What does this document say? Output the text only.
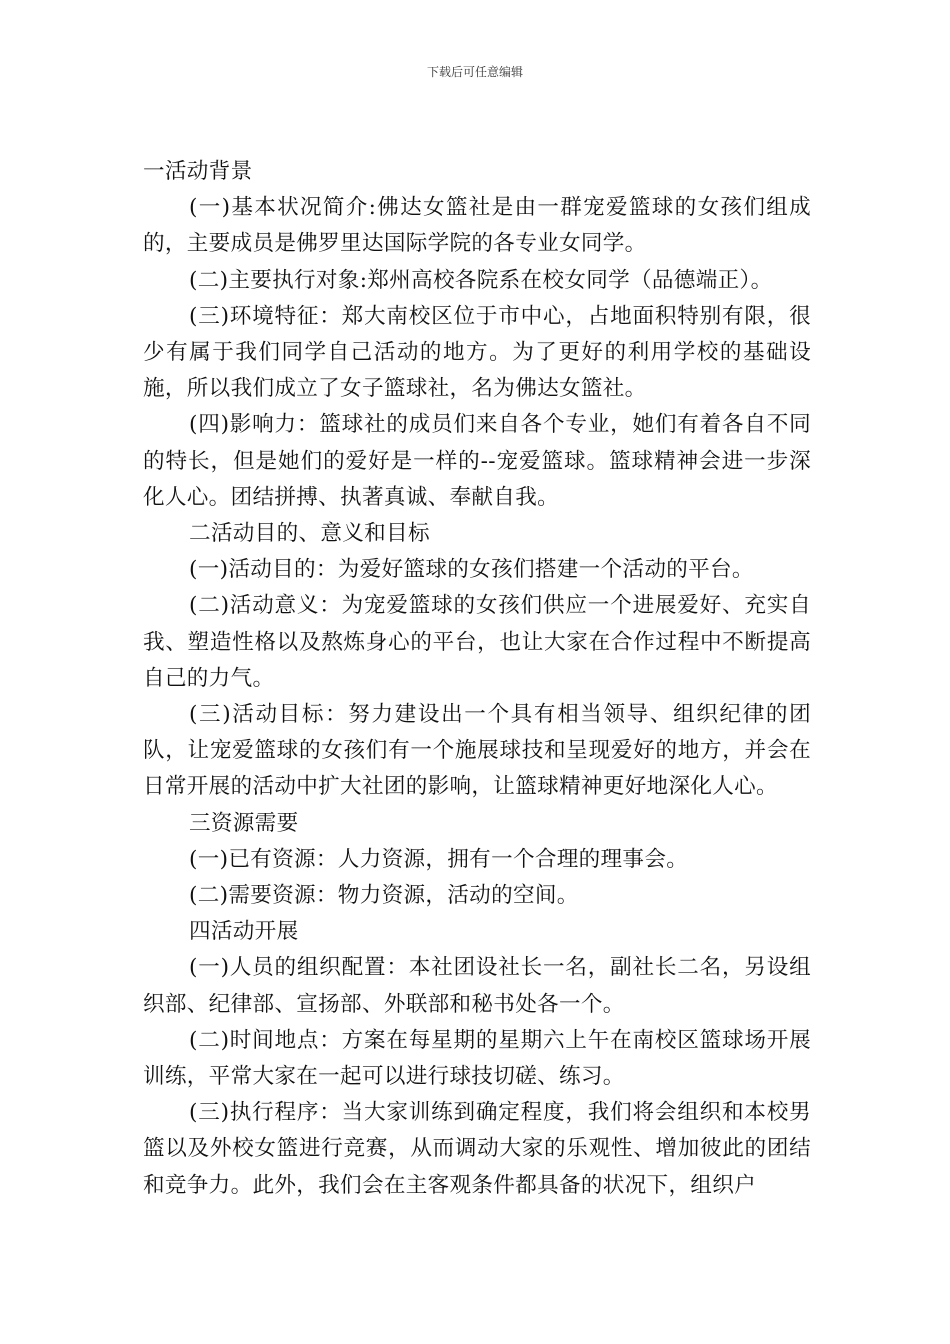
下载后可任意编辑

一活动背景

(一)基本状况简介:佛达女篮社是由一群宠爱篮球的女孩们组成的，主要成员是佛罗里达国际学院的各专业女同学。

(二)主要执行对象:郑州高校各院系在校女同学（品德端正）。

(三)环境特征：郑大南校区位于市中心，占地面积特别有限，很少有属于我们同学自己活动的地方。为了更好的利用学校的基础设施，所以我们成立了女子篮球社，名为佛达女篮社。

(四)影响力：篮球社的成员们来自各个专业，她们有着各自不同的特长，但是她们的爱好是一样的--宠爱篮球。篮球精神会进一步深化人心。团结拼搏、执著真诚、奉献自我。

二活动目的、意义和目标

(一)活动目的：为爱好篮球的女孩们搭建一个活动的平台。

(二)活动意义：为宠爱篮球的女孩们供应一个进展爱好、充实自我、塑造性格以及熬炼身心的平台，也让大家在合作过程中不断提高自己的力气。

(三)活动目标：努力建设出一个具有相当领导、组织纪律的团队，让宠爱篮球的女孩们有一个施展球技和呈现爱好的地方，并会在日常开展的活动中扩大社团的影响，让篮球精神更好地深化人心。

三资源需要

(一)已有资源：人力资源，拥有一个合理的理事会。

(二)需要资源：物力资源，活动的空间。

四活动开展

(一)人员的组织配置：本社团设社长一名，副社长二名，另设组织部、纪律部、宣扬部、外联部和秘书处各一个。

(二)时间地点：方案在每星期的星期六上午在南校区篮球场开展训练，平常大家在一起可以进行球技切磋、练习。

(三)执行程序：当大家训练到确定程度，我们将会组织和本校男篮以及外校女篮进行竞赛，从而调动大家的乐观性、增加彼此的团结和竞争力。此外，我们会在主客观条件都具备的状况下，组织户
